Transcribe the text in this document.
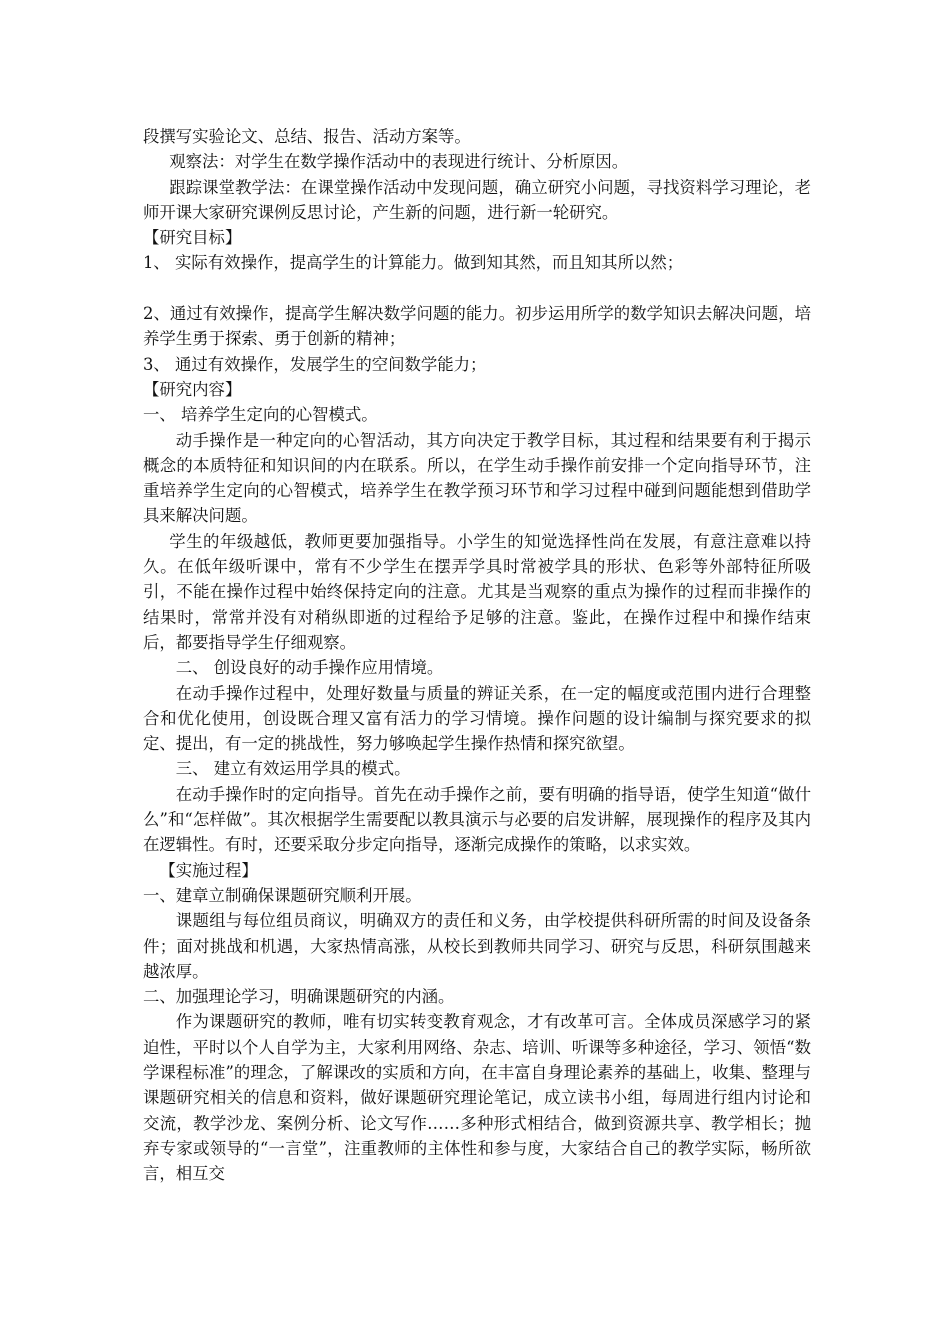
段撰写实验论文、总结、报告、活动方案等。

观察法：对学生在数学操作活动中的表现进行统计、分析原因。

跟踪课堂教学法：在课堂操作活动中发现问题，确立研究小问题，寻找资料学习理论，老师开课大家研究课例反思讨论，产生新的问题，进行新一轮研究。

【研究目标】

1、 实际有效操作，提高学生的计算能力。做到知其然，而且知其所以然；

2、通过有效操作，提高学生解决数学问题的能力。初步运用所学的数学知识去解决问题，培养学生勇于探索、勇于创新的精神；

3、 通过有效操作，发展学生的空间数学能力；

【研究内容】

一、 培养学生定向的心智模式。

动手操作是一种定向的心智活动，其方向决定于教学目标，其过程和结果要有利于揭示概念的本质特征和知识间的内在联系。所以，在学生动手操作前安排一个定向指导环节，注重培养学生定向的心智模式，培养学生在教学预习环节和学习过程中碰到问题能想到借助学具来解决问题。

学生的年级越低，教师更要加强指导。小学生的知觉选择性尚在发展，有意注意难以持久。在低年级听课中，常有不少学生在摆弄学具时常被学具的形状、色彩等外部特征所吸引，不能在操作过程中始终保持定向的注意。尤其是当观察的重点为操作的过程而非操作的结果时，常常并没有对稍纵即逝的过程给予足够的注意。鉴此，在操作过程中和操作结束后，都要指导学生仔细观察。

二、 创设良好的动手操作应用情境。

在动手操作过程中，处理好数量与质量的辨证关系，在一定的幅度或范围内进行合理整合和优化使用，创设既合理又富有活力的学习情境。操作问题的设计编制与探究要求的拟定、提出，有一定的挑战性，努力够唤起学生操作热情和探究欲望。

三、 建立有效运用学具的模式。

在动手操作时的定向指导。首先在动手操作之前，要有明确的指导语，使学生知道“做什么”和“怎样做”。其次根据学生需要配以教具演示与必要的启发讲解，展现操作的程序及其内在逻辑性。有时，还要采取分步定向指导，逐渐完成操作的策略，以求实效。

【实施过程】

一、建章立制确保课题研究顺利开展。

课题组与每位组员商议，明确双方的责任和义务，由学校提供科研所需的时间及设备条件；面对挑战和机遇，大家热情高涨，从校长到教师共同学习、研究与反思，科研氛围越来越浓厚。

二、加强理论学习，明确课题研究的内涵。

作为课题研究的教师，唯有切实转变教育观念，才有改革可言。全体成员深感学习的紧迫性，平时以个人自学为主，大家利用网络、杂志、培训、听课等多种途径，学习、领悟“数学课程标准”的理念，了解课改的实质和方向，在丰富自身理论素养的基础上，收集、整理与课题研究相关的信息和资料，做好课题研究理论笔记，成立读书小组，每周进行组内讨论和交流，教学沙龙、案例分析、论文写作……多种形式相结合，做到资源共享、教学相长；抛弃专家或领导的“一言堂”，注重教师的主体性和参与度，大家结合自己的教学实际，畅所欲言，相互交
